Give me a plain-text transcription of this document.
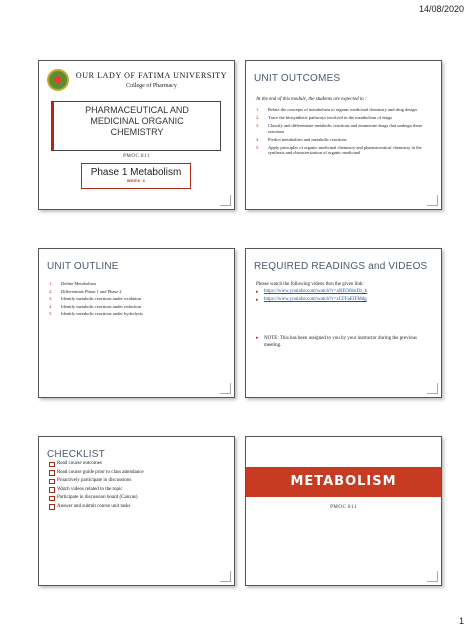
14/08/2020
OUR LADY OF FATIMA UNIVERSITY
College of Pharmacy
PHARMACEUTICAL AND
MEDICINAL ORGANIC
CHEMISTRY
PMOC 811
Phase 1 Metabolism
WEEK 4
UNIT OUTCOMES
At the end of this module, the students are expected to :
1. Relate the concepts of metabolism to organic medicinal chemistry and drug design
2. Trace the biosynthetic pathways involved in the metabolism of drugs
3. Classify and differentiate metabolic reactions and enumerate drugs that undergo these reactions
4. Predict metabolites and metabolic reactions
5. Apply principles of organic medicinal chemistry and pharmaceutical chemistry in the synthesis and characterization of organic medicinal
UNIT OUTLINE
1. Define Metabolism
2. Differentiate Phase 1 and Phase 2
3. Identify metabolic reactions under oxidation
4. Identify metabolic reactions under reduction
5. Identify metabolic reactions under hydrolysis
REQUIRED READINGS and VIDEOS
Please watch the following videos thru the given link:
▸ https://www.youtube.com/watch?v=aNEO6bnDz_k
▸ https://www.youtube.com/watch?v=zCFFaEIFMdg
▸ NOTE: This has been assigned to you by your instructor during the previous meeting.
CHECKLIST
Read course outcomes
Read course guide prior to class attendance
Proactively participate in discussions
Watch videos related to the topic
Participate in discussion board (Canvas)
Answer and submit course unit tasks
METABOLISM
PMOC 811
1
